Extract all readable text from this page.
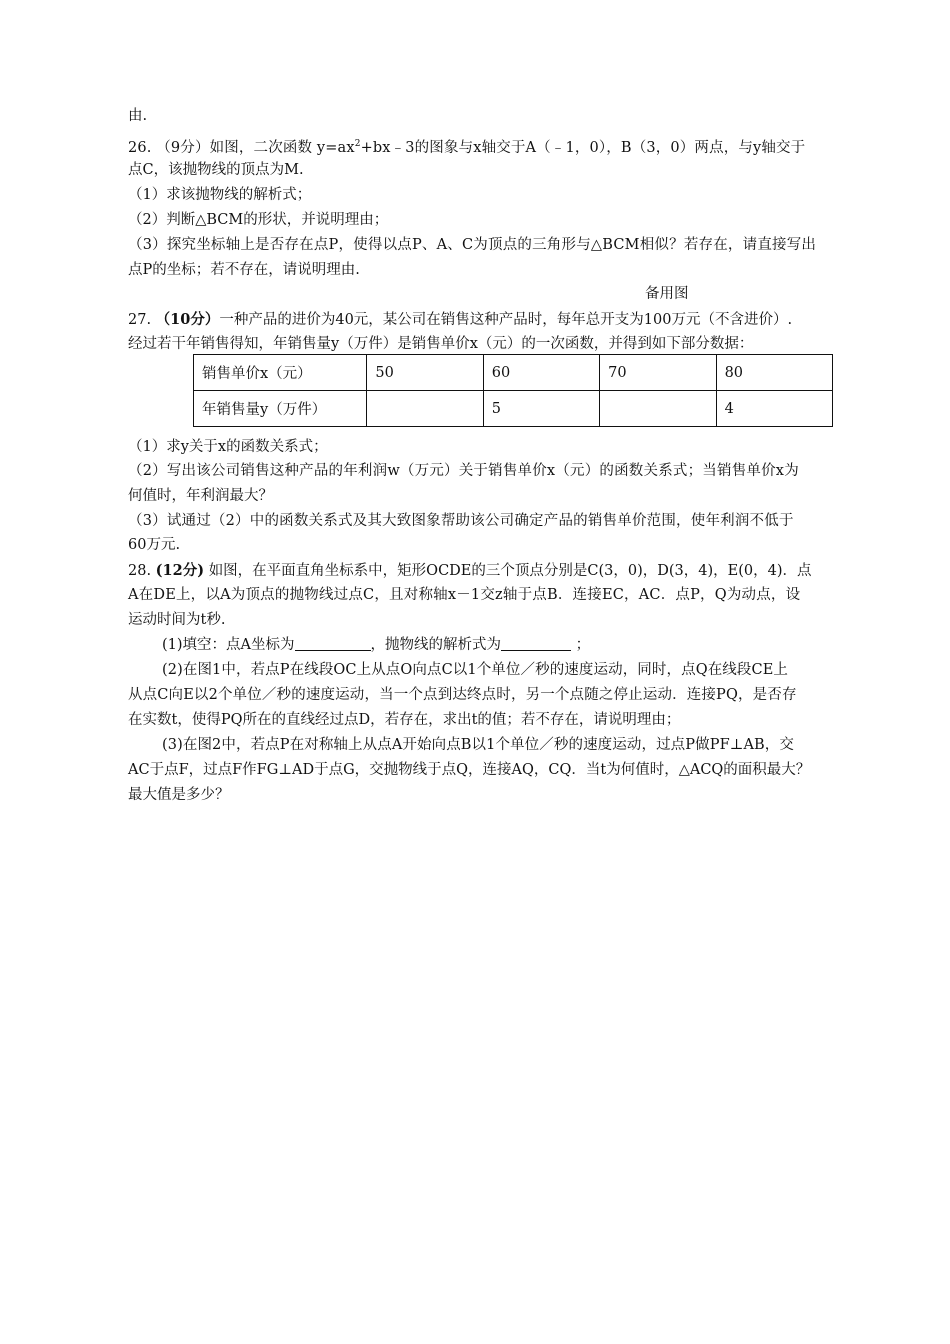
由.
26. （9分）如图，二次函数 $y=ax^2+bx﹣3$的图象与x轴交于A（﹣1，0），B（3，0）两点，与y轴交于
点C，该抛物线的顶点为M.
（1）求该抛物线的解析式；
（2）判断△BCM的形状，并说明理由；
（3）探究坐标轴上是否存在点P，使得以点P、A、C为顶点的三角形与△BCM相似？若存在，请直接写出
点P的坐标；若不存在，请说明理由.
备用图
27. （10分）一种产品的进价为40元，某公司在销售这种产品时，每年总开支为100万元（不含进价）.
经过若干年销售得知，年销售量y（万件）是销售单价x（元）的一次函数，并得到如下部分数据：
销售单价x（元）	50	60	70	80
年销售量y（万件）		5		4
（1）求y关于x的函数关系式；
（2）写出该公司销售这种产品的年利润w（万元）关于销售单价x（元）的函数关系式；当销售单价x为
何值时，年利润最大？
（3）试通过（2）中的函数关系式及其大致图象帮助该公司确定产品的销售单价范围，使年利润不低于
60万元.
28. (12分) 如图，在平面直角坐标系中，矩形OCDE的三个顶点分别是C(3，0)，D(3，4)，E(0，4)．点
A在DE上，以A为顶点的抛物线过点C，且对称轴x－1交z轴于点B．连接EC，AC．点P，Q为动点，设
运动时间为t秒.
(1)填空：点A坐标为	，抛物线的解析式为	；
(2)在图1中，若点P在线段OC上从点O向点C以1个单位／秒的速度运动，同时，点Q在线段CE上
从点C向E以2个单位／秒的速度运动，当一个点到达终点时，另一个点随之停止运动．连接PQ，是否存
在实数t，使得PQ所在的直线经过点D，若存在，求出t的值；若不存在，请说明理由；
(3)在图2中，若点P在对称轴上从点A开始向点B以1个单位／秒的速度运动，过点P做PF⊥AB，交
AC于点F，过点F作FG⊥AD于点G，交抛物线于点Q，连接AQ，CQ．当t为何值时，△ACQ的面积最大？
最大值是多少？
